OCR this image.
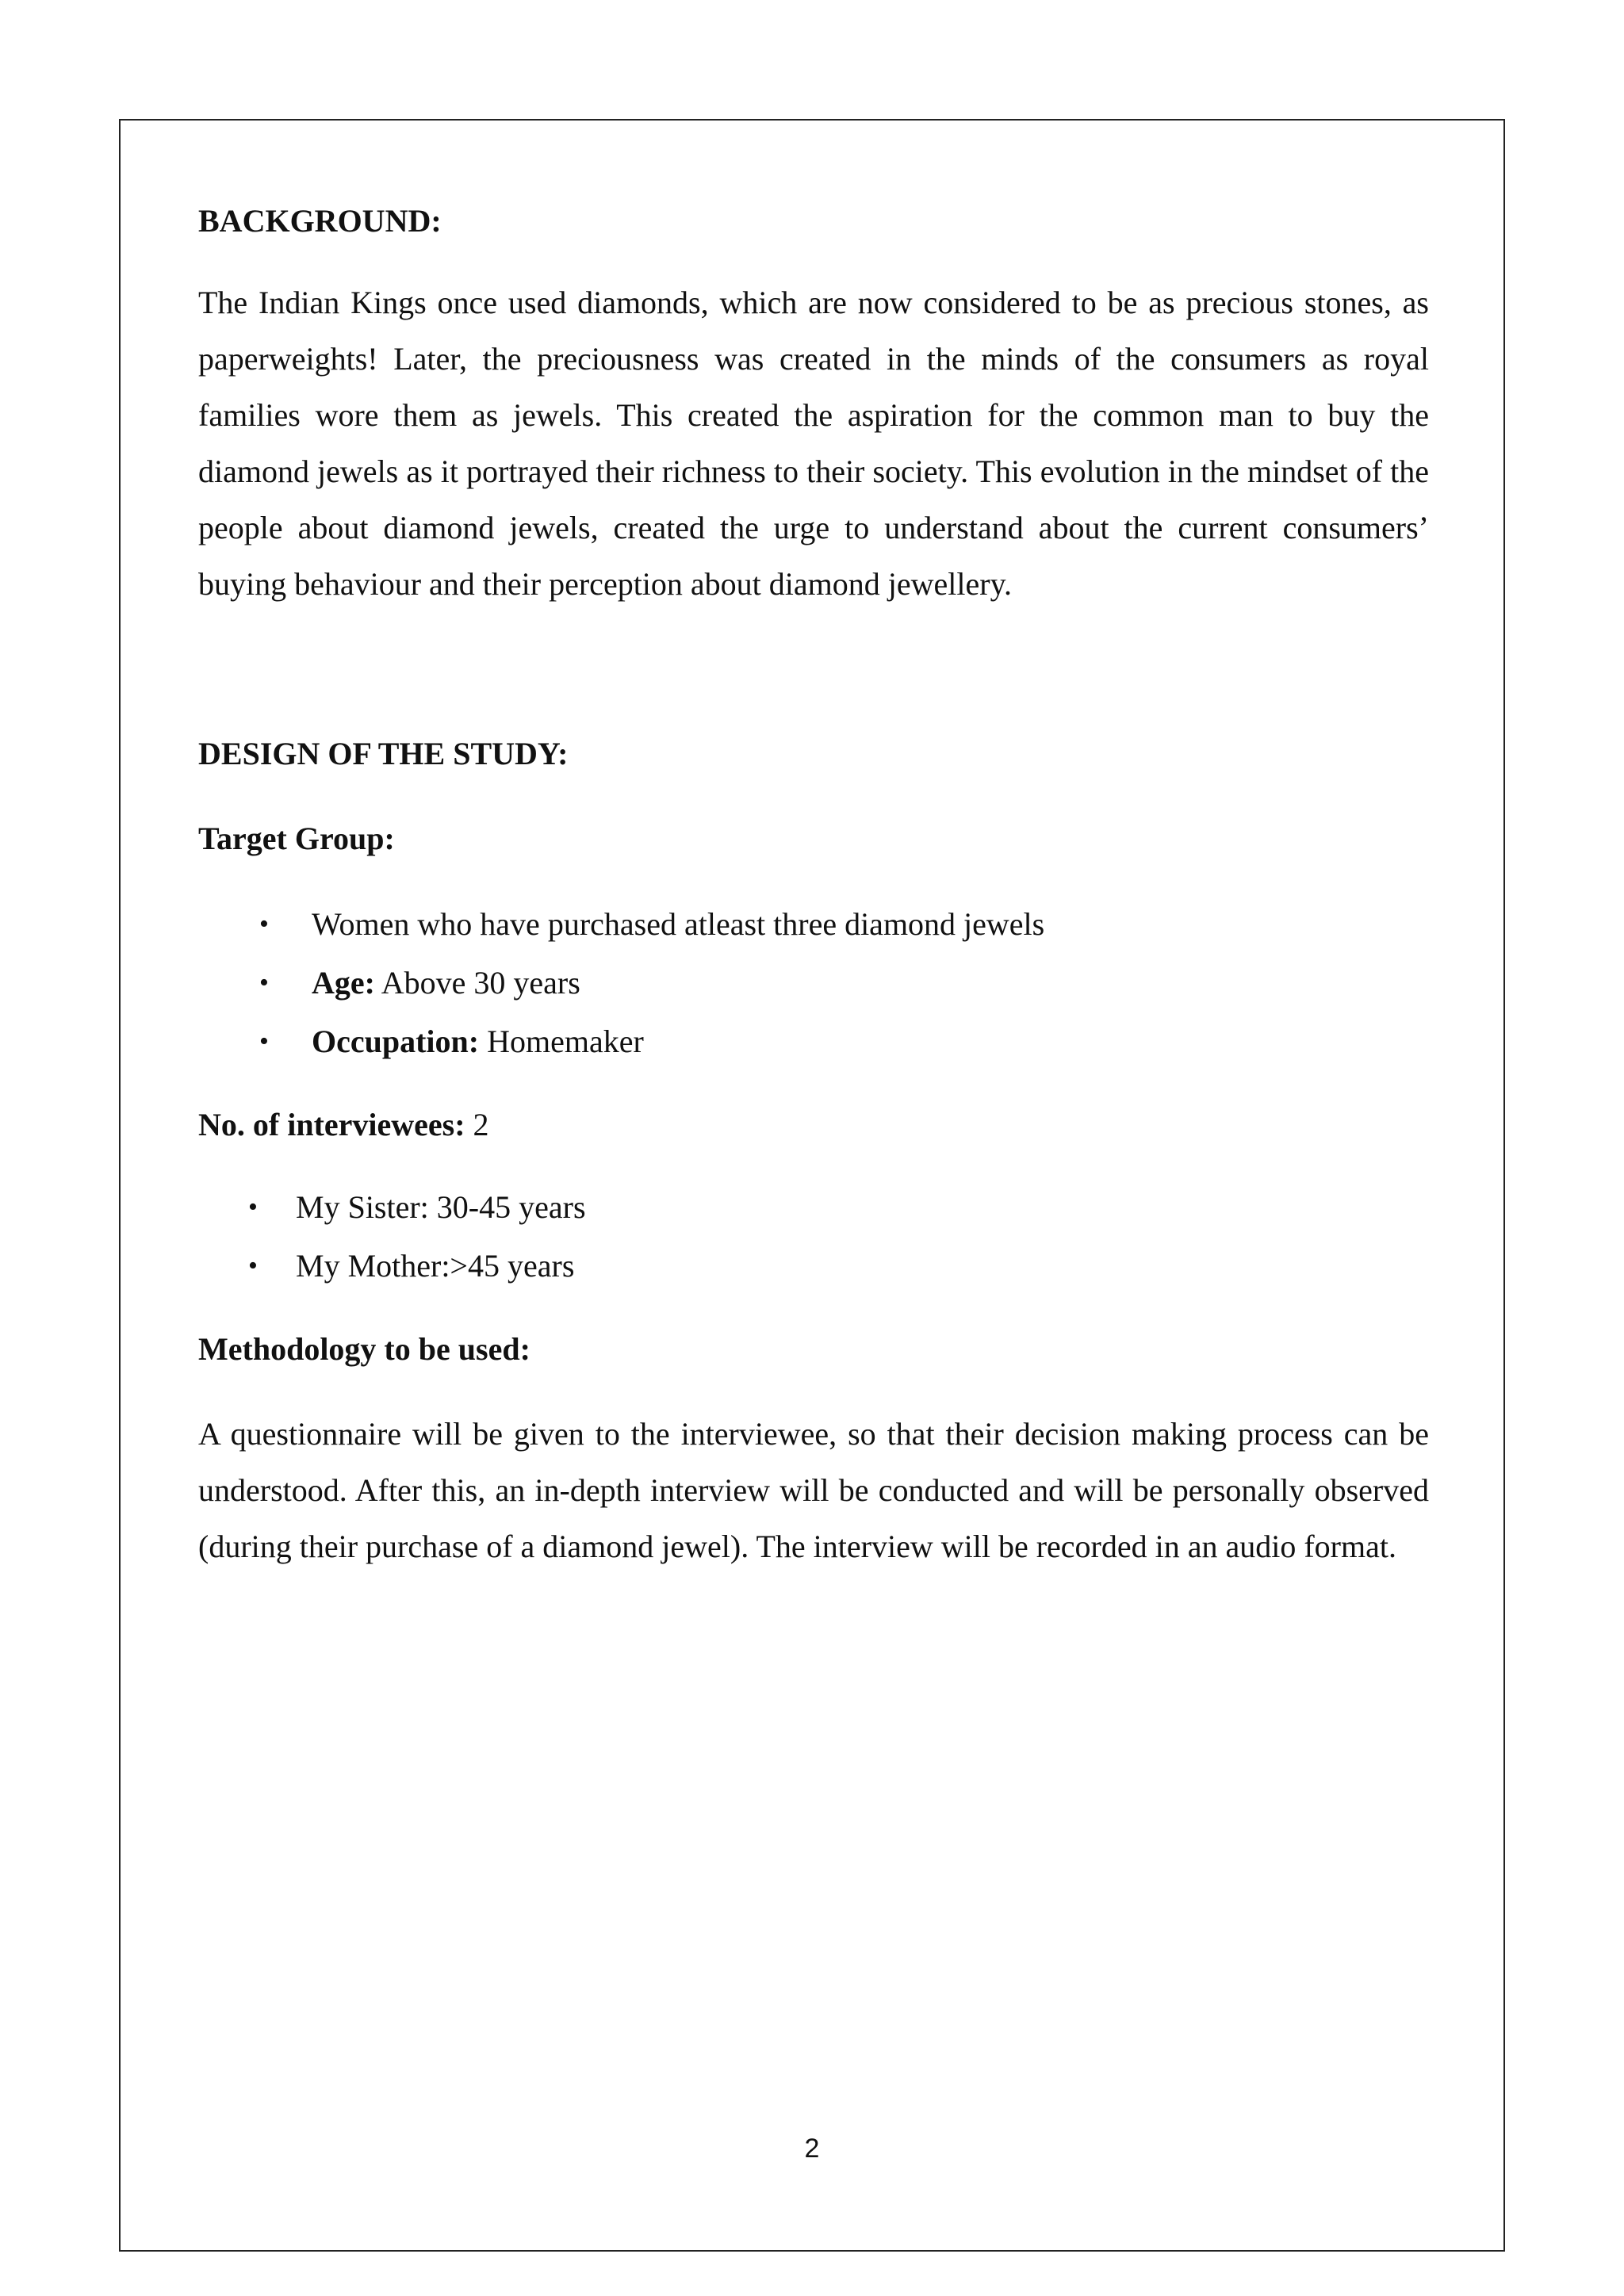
BACKGROUND:

The Indian Kings once used diamonds, which are now considered to be as precious stones, as paperweights! Later, the preciousness was created in the minds of the consumers as royal families wore them as jewels. This created the aspiration for the common man to buy the diamond jewels as it portrayed their richness to their society. This evolution in the mindset of the people about diamond jewels, created the urge to understand about the current consumers’ buying behaviour and their perception about diamond jewellery.

DESIGN OF THE STUDY:

Target Group:

• Women who have purchased atleast three diamond jewels
• Age: Above 30 years
• Occupation: Homemaker

No. of interviewees: 2

• My Sister: 30-45 years
• My Mother:>45 years

Methodology to be used:

A questionnaire will be given to the interviewee, so that their decision making process can be understood. After this, an in-depth interview will be conducted and will be personally observed (during their purchase of a diamond jewel). The interview will be recorded in an audio format.

2
